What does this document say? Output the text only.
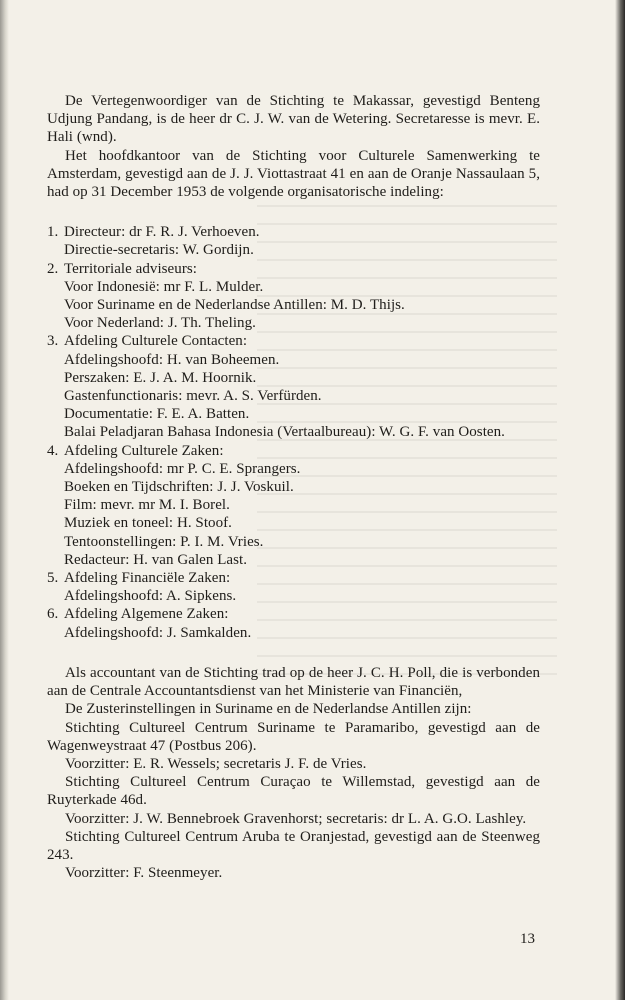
De Vertegenwoordiger van de Stichting te Makassar, gevestigd Benteng Udjung Pandang, is de heer dr C. J. W. van de Wetering. Secretaresse is mevr. E. Hali (wnd).

Het hoofdkantoor van de Stichting voor Culturele Samenwerking te Amsterdam, gevestigd aan de J. J. Viottastraat 41 en aan de Oranje Nassaulaan 5, had op 31 December 1953 de volgende organisatorische indeling:

1. Directeur: dr F. R. J. Verhoeven.
Directie-secretaris: W. Gordijn.
2. Territoriale adviseurs:
Voor Indonesië: mr F. L. Mulder.
Voor Suriname en de Nederlandse Antillen: M. D. Thijs.
Voor Nederland: J. Th. Theling.
3. Afdeling Culturele Contacten:
Afdelingshoofd: H. van Boheemen.
Perszaken: E. J. A. M. Hoornik.
Gastenfunctionaris: mevr. A. S. Verfürden.
Documentatie: F. E. A. Batten.
Balai Peladjaran Bahasa Indonesia (Vertaalbureau): W. G. F. van Oosten.
4. Afdeling Culturele Zaken:
Afdelingshoofd: mr P. C. E. Sprangers.
Boeken en Tijdschriften: J. J. Voskuil.
Film: mevr. mr M. I. Borel.
Muziek en toneel: H. Stoof.
Tentoonstellingen: P. I. M. Vries.
Redacteur: H. van Galen Last.
5. Afdeling Financiële Zaken:
Afdelingshoofd: A. Sipkens.
6. Afdeling Algemene Zaken:
Afdelingshoofd: J. Samkalden.

Als accountant van de Stichting trad op de heer J. C. H. Poll, die is verbonden aan de Centrale Accountantsdienst van het Ministerie van Financiën,

De Zusterinstellingen in Suriname en de Nederlandse Antillen zijn:

Stichting Cultureel Centrum Suriname te Paramaribo, gevestigd aan de Wagenweystraat 47 (Postbus 206).

Voorzitter: E. R. Wessels; secretaris J. F. de Vries.

Stichting Cultureel Centrum Curaçao te Willemstad, gevestigd aan de Ruyterkade 46d.

Voorzitter: J. W. Bennebroek Gravenhorst; secretaris: dr L. A. G.O. Lashley.

Stichting Cultureel Centrum Aruba te Oranjestad, gevestigd aan de Steenweg 243.

Voorzitter: F. Steenmeyer.

13
